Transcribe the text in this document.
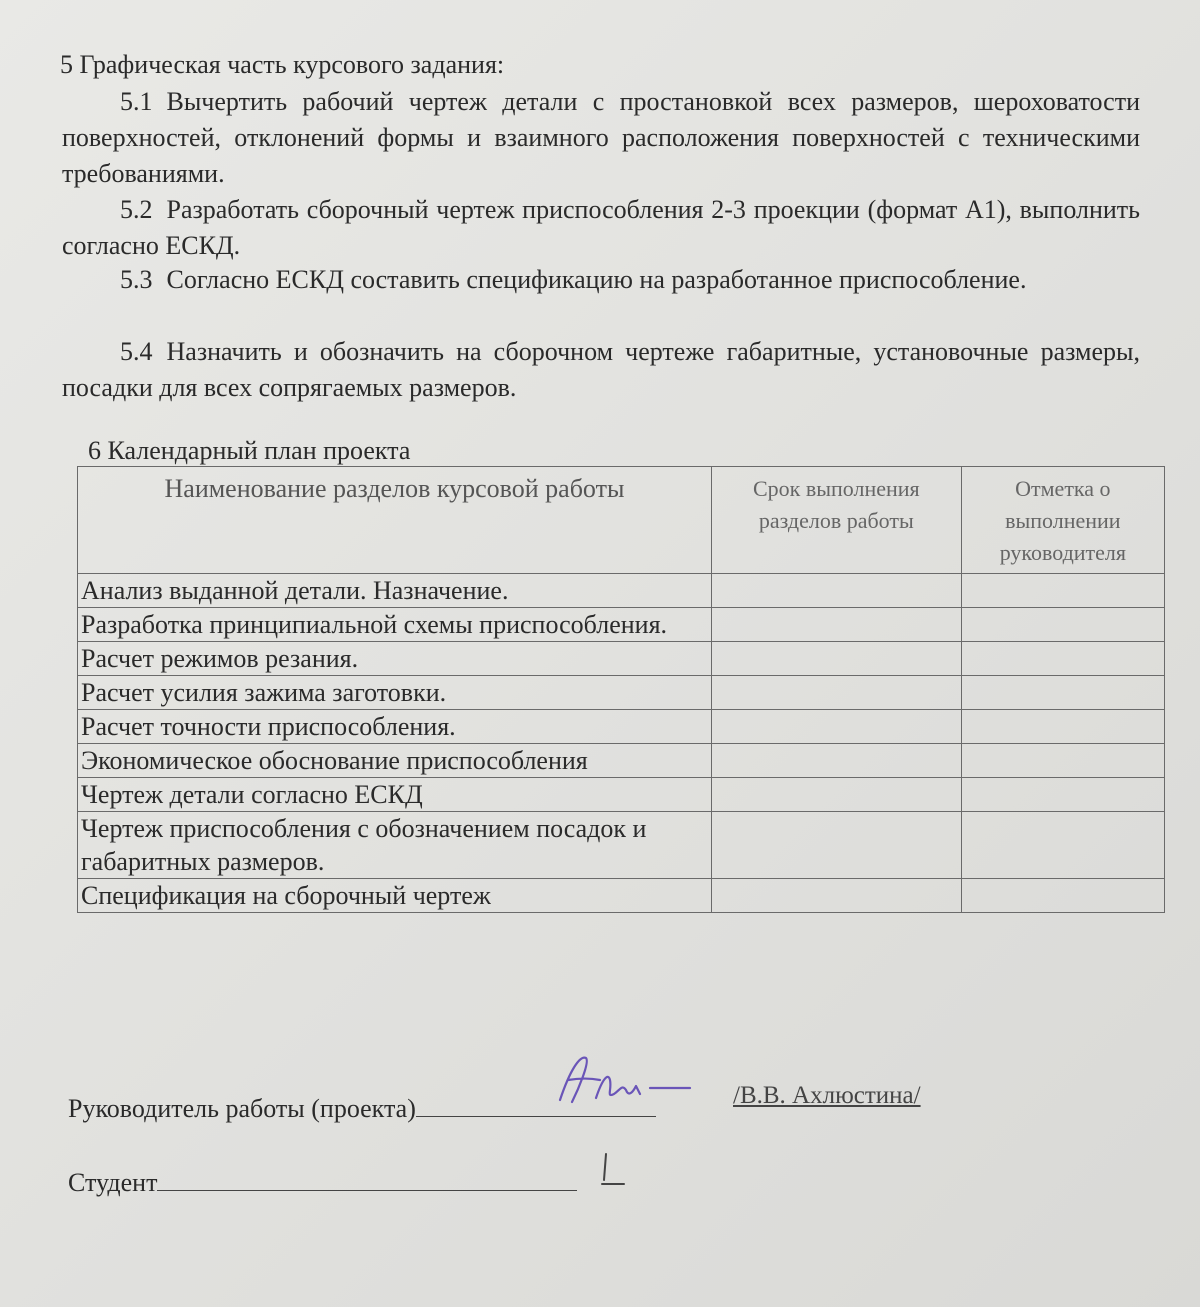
5 Графическая часть курсового задания:
5.1 Вычертить рабочий чертеж детали с простановкой всех размеров, шероховатости поверхностей, отклонений формы и взаимного расположения поверхностей с техническими требованиями.
5.2 Разработать сборочный чертеж приспособления 2-3 проекции (формат А1), выполнить согласно ЕСКД.
5.3 Согласно ЕСКД составить спецификацию на разработанное приспособление.
5.4 Назначить и обозначить на сборочном чертеже габаритные, установочные размеры, посадки для всех сопрягаемых размеров.
6 Календарный план проекта
Наименование разделов курсовой работы	Срок выполнения разделов работы	Отметка о выполнении руководителя
Анализ выданной детали. Назначение.		
Разработка принципиальной схемы приспособления.		
Расчет режимов резания.		
Расчет усилия зажима заготовки.		
Расчет точности приспособления.		
Экономическое обоснование приспособления		
Чертеж детали согласно ЕСКД		
Чертеж приспособления с обозначением посадок и габаритных размеров.		
Спецификация на сборочный чертеж		
Руководитель работы (проекта)	/В.В. Ахлюстина/
Студент
